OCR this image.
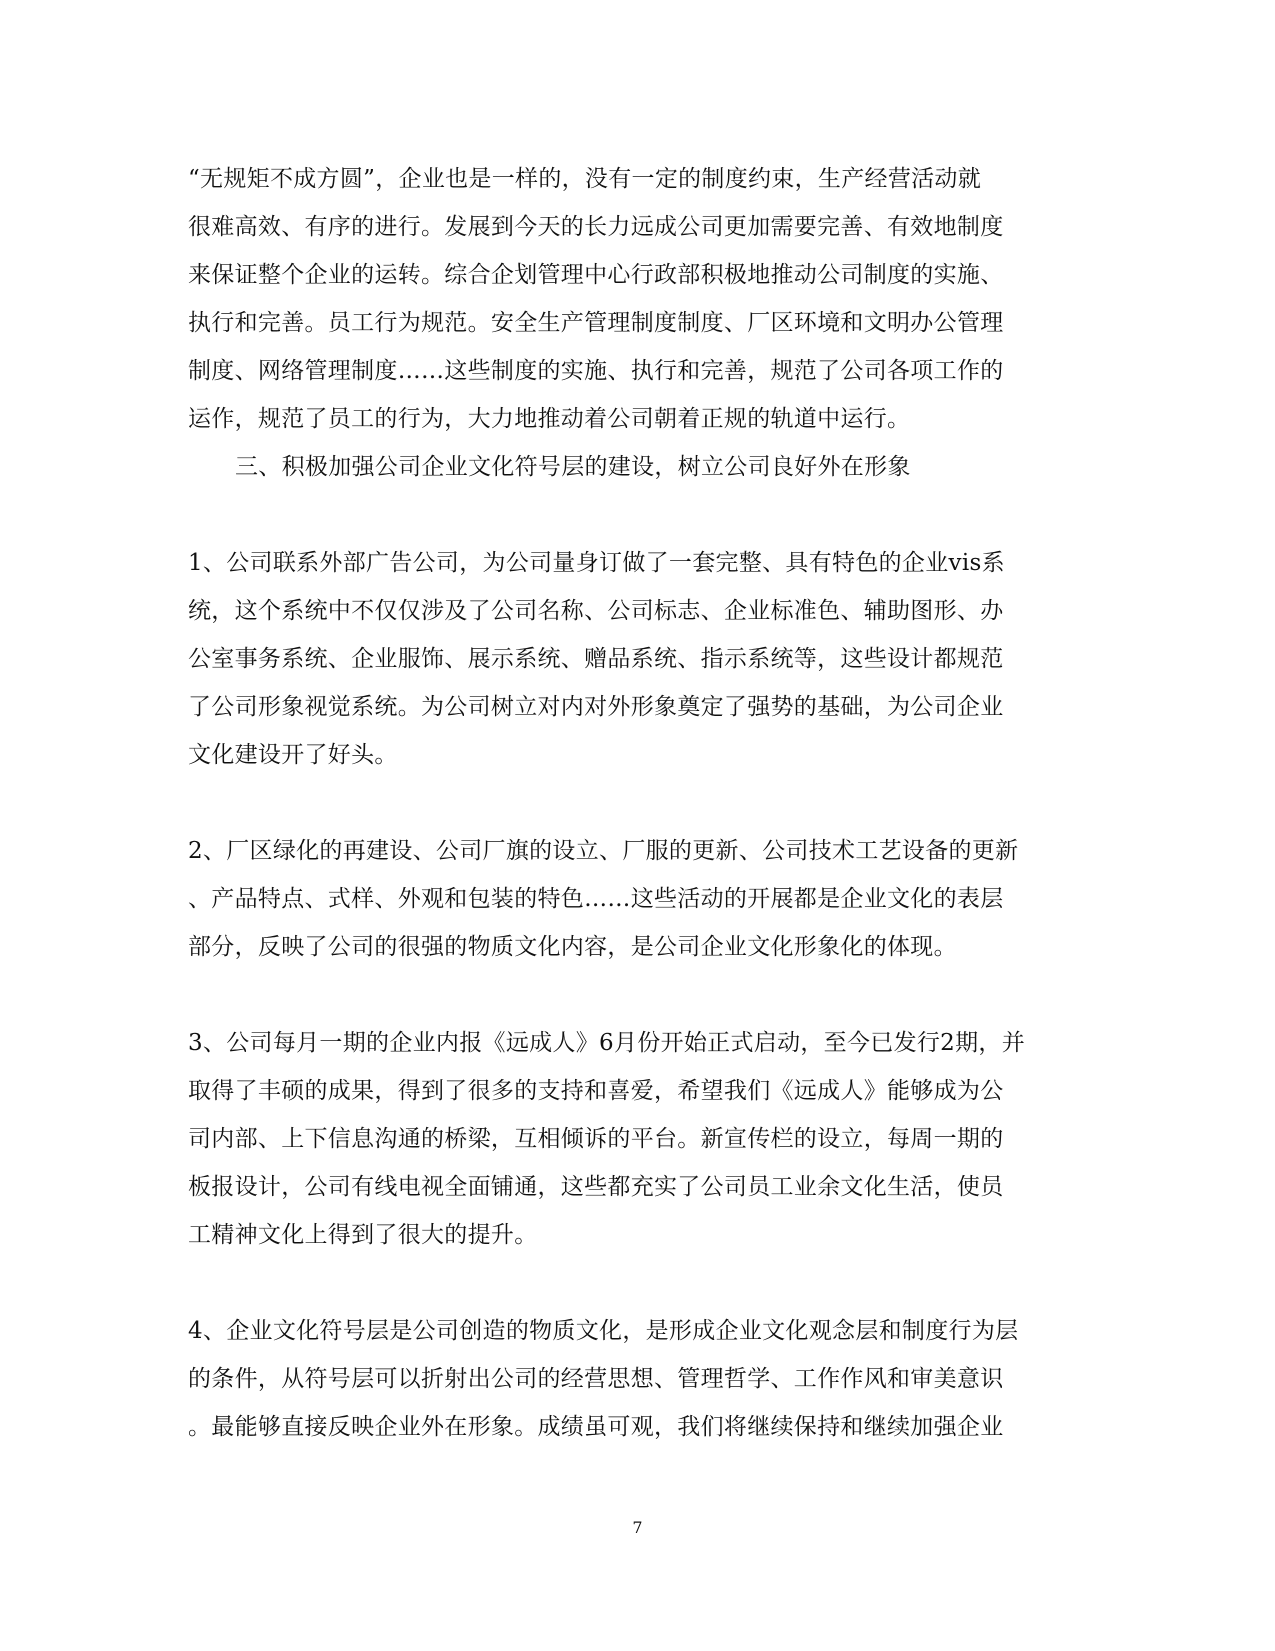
“无规矩不成方圆”，企业也是一样的，没有一定的制度约束，生产经营活动就
很难高效、有序的进行。发展到今天的长力远成公司更加需要完善、有效地制度
来保证整个企业的运转。综合企划管理中心行政部积极地推动公司制度的实施、
执行和完善。员工行为规范。安全生产管理制度制度、厂区环境和文明办公管理
制度、网络管理制度……这些制度的实施、执行和完善，规范了公司各项工作的
运作，规范了员工的行为，大力地推动着公司朝着正规的轨道中运行。

三、积极加强公司企业文化符号层的建设，树立公司良好外在形象

1、公司联系外部广告公司，为公司量身订做了一套完整、具有特色的企业vis系
统，这个系统中不仅仅涉及了公司名称、公司标志、企业标准色、辅助图形、办
公室事务系统、企业服饰、展示系统、赠品系统、指示系统等，这些设计都规范
了公司形象视觉系统。为公司树立对内对外形象奠定了强势的基础，为公司企业
文化建设开了好头。

2、厂区绿化的再建设、公司厂旗的设立、厂服的更新、公司技术工艺设备的更新
、产品特点、式样、外观和包装的特色……这些活动的开展都是企业文化的表层
部分，反映了公司的很强的物质文化内容，是公司企业文化形象化的体现。

3、公司每月一期的企业内报《远成人》6月份开始正式启动，至今已发行2期，并
取得了丰硕的成果，得到了很多的支持和喜爱，希望我们《远成人》能够成为公
司内部、上下信息沟通的桥梁，互相倾诉的平台。新宣传栏的设立，每周一期的
板报设计，公司有线电视全面铺通，这些都充实了公司员工业余文化生活，使员
工精神文化上得到了很大的提升。

4、企业文化符号层是公司创造的物质文化，是形成企业文化观念层和制度行为层
的条件，从符号层可以折射出公司的经营思想、管理哲学、工作作风和审美意识
。最能够直接反映企业外在形象。成绩虽可观，我们将继续保持和继续加强企业

7
